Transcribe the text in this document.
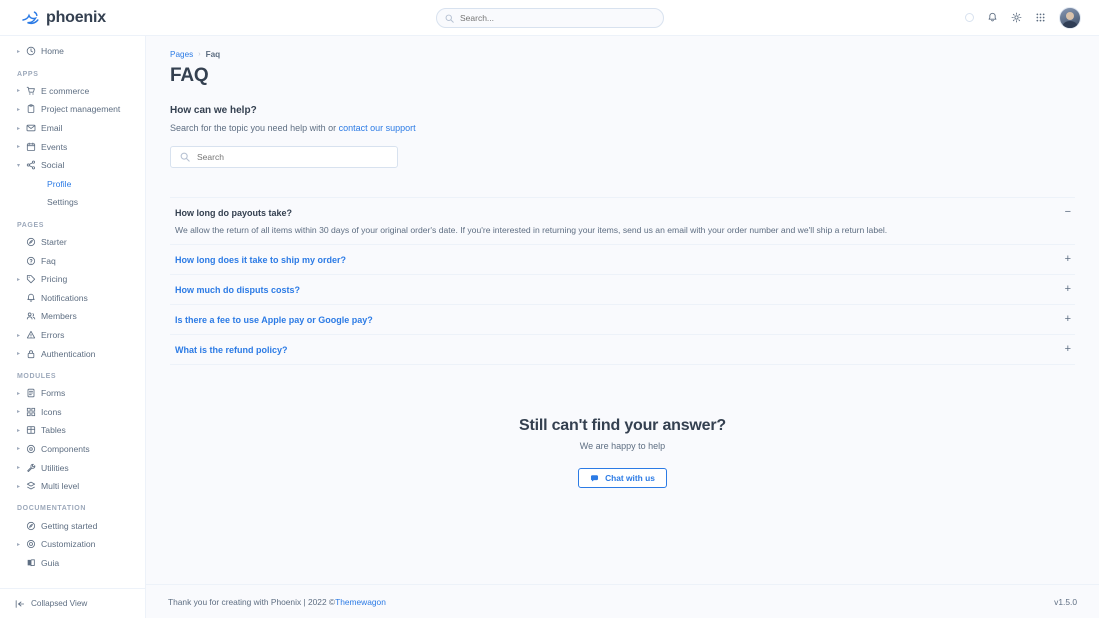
phoenix
Search...
▸	Home
APPS
▸	E commerce
▸	Project management
▸	Email
▸	Events
▾	Social
Profile
Settings
PAGES
Starter
Faq
▸	Pricing
Notifications
Members
▸	Errors
▸	Authentication
MODULES
▸	Forms
▸	Icons
▸	Tables
▸	Components
▸	Utilities
▸	Multi level
DOCUMENTATION
Getting started
▸	Customization
Guia
Collapsed View
Pages › Faq
FAQ
How can we help?
Search for the topic you need help with or contact our support
Search
How long do payouts take?
We allow the return of all items within 30 days of your original order's date. If you're interested in returning your items, send us an email with your order number and we'll ship a return label.
−
How long does it take to ship my order?	+
How much do disputs costs?	+
Is there a fee to use Apple pay or Google pay?	+
What is the refund policy?	+
Still can't find your answer?
We are happy to help
Chat with us
Thank you for creating with Phoenix | 2022 © Themewagon	v1.5.0
